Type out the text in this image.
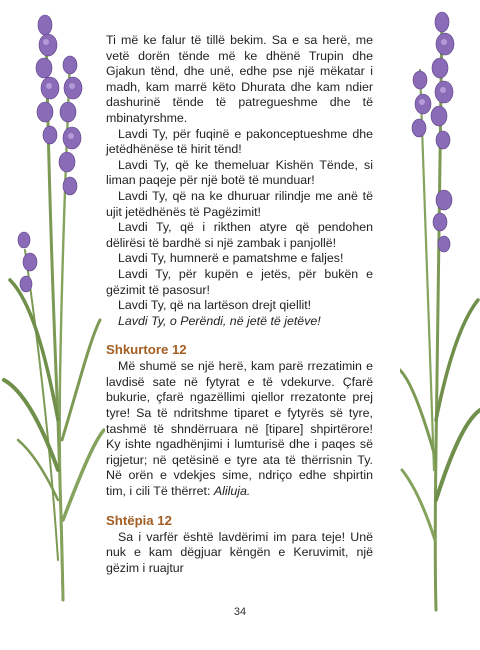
Ti më ke falur të tillë bekim. Sa e sa herë, me vetë dorën tënde më ke dhënë Trupin dhe Gjakun tënd, dhe unë, edhe pse një mëkatar i madh, kam marrë këto Dhurata dhe kam ndier dashurinë tënde të patregueshme dhe të mbinatyrshme.

Lavdi Ty, për fuqinë e pakonceptueshme dhe jetëdhënëse të hirit tënd!

Lavdi Ty, që ke themeluar Kishën Tënde, si liman paqeje për një botë të munduar!

Lavdi Ty, që na ke dhuruar rilindje me anë të ujit jetëdhënës të Pagëzimit!

Lavdi Ty, që i rikthen atyre që pendohen dëlirësi të bardhë si një zambak i panjollë!

Lavdi Ty, humnerë e pamatshme e faljes!

Lavdi Ty, për kupën e jetës, për bukën e gëzimit të pasosur!

Lavdi Ty, që na lartëson drejt qiellit!

Lavdi Ty, o Perëndi, në jetë të jetëve!

Shkurtore 12

Më shumë se një herë, kam parë rrezatimin e lavdisë sate në fytyrat e të vdekurve. Çfarë bukurie, çfarë ngazëllimi qiellor rrezatonte prej tyre! Sa të ndritshme tiparet e fytyrës së tyre, tashmë të shndërruara në [tipare] shpirtërore! Ky ishte ngadhënjimi i lumturisë dhe i paqes së rigjetur; në qetësinë e tyre ata të thërrisnin Ty. Në orën e vdekjes sime, ndriço edhe shpirtin tim, i cili Të thërret: Aliluja.

Shtëpia 12

Sa i varfër është lavdërimi im para teje! Unë nuk e kam dëgjuar këngën e Keruvimit, një gëzim i ruajtur

34
